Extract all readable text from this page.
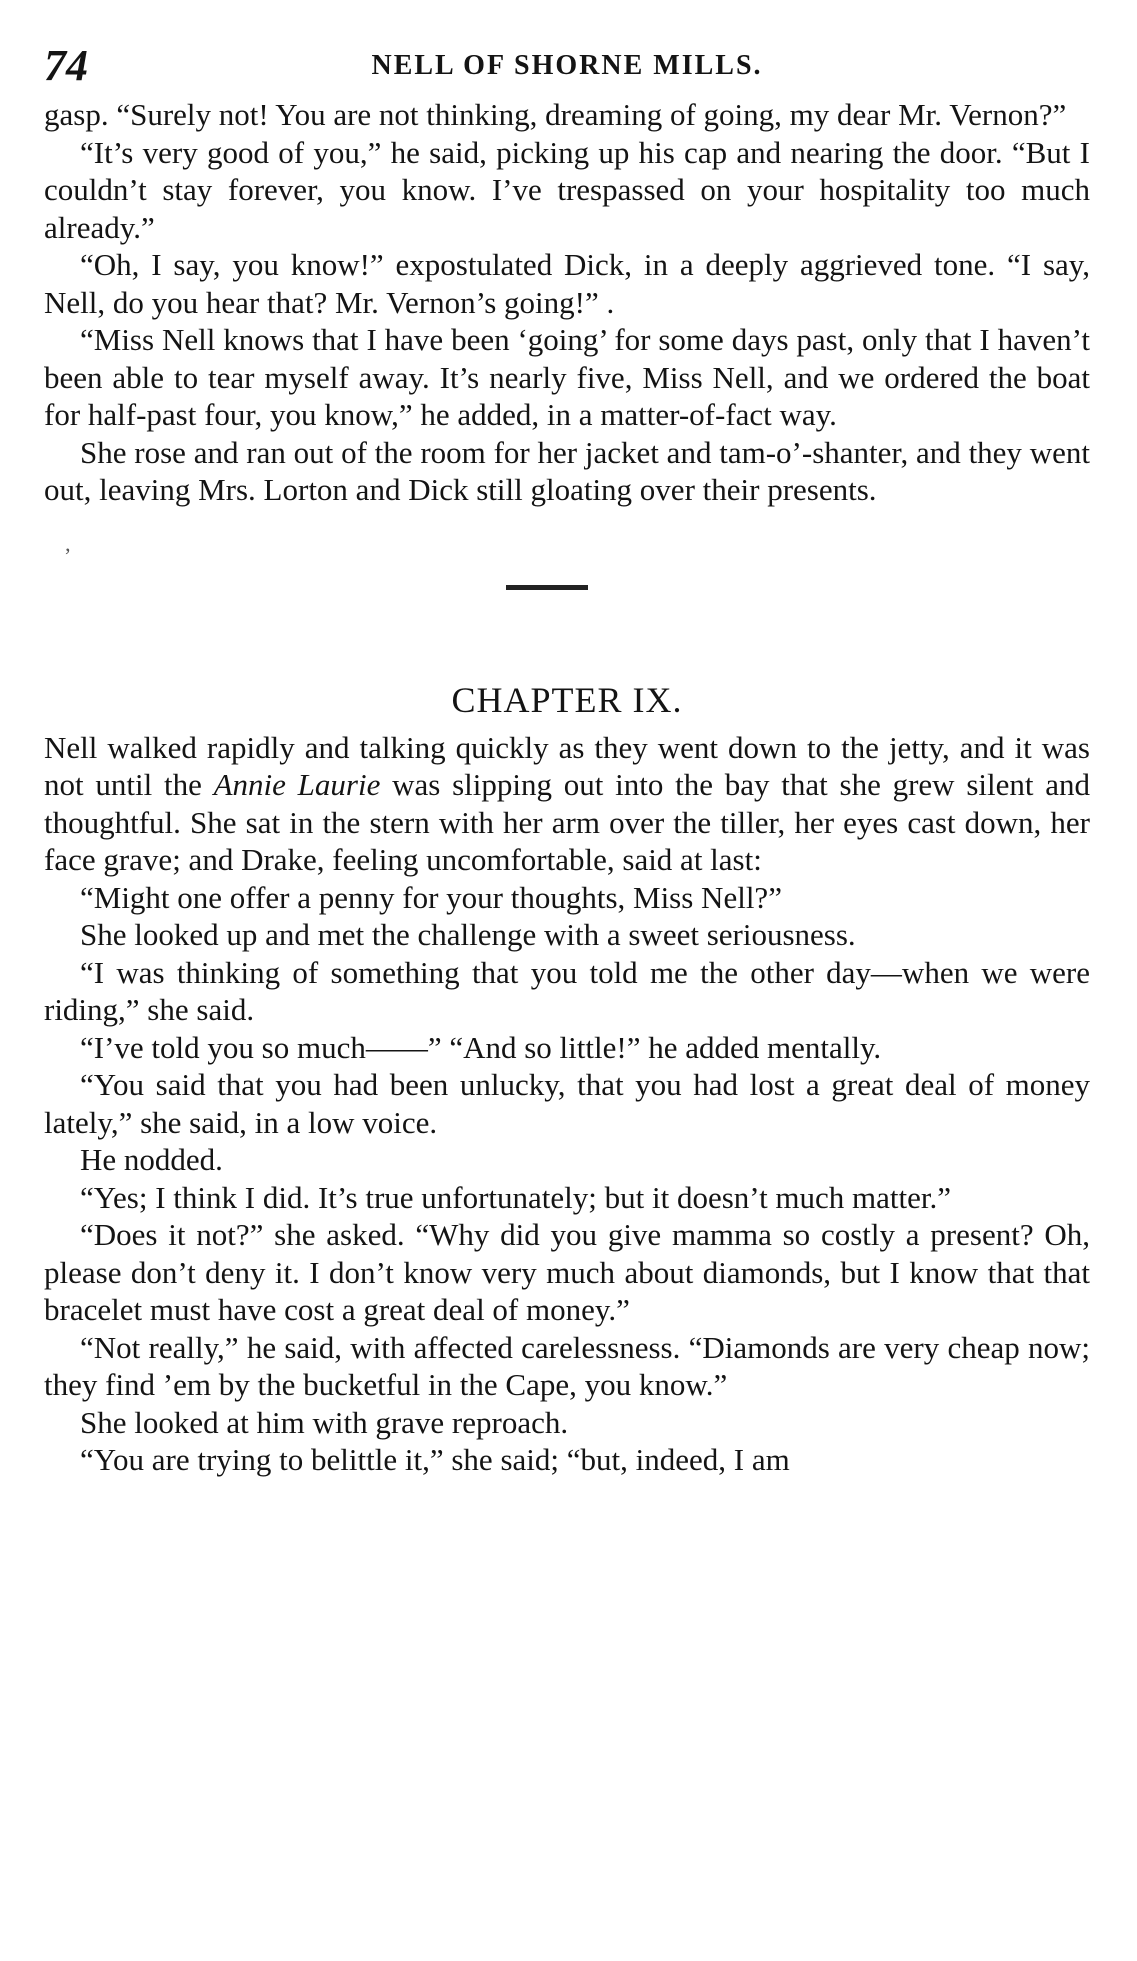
74	NELL OF SHORNE MILLS.

gasp. “Surely not! You are not thinking, dreaming of going, my dear Mr. Vernon?”

“It’s very good of you,” he said, picking up his cap and nearing the door. “But I couldn’t stay forever, you know. I’ve trespassed on your hospitality too much already.”

“Oh, I say, you know!” expostulated Dick, in a deeply aggrieved tone. “I say, Nell, do you hear that? Mr. Vernon’s going!” .

“Miss Nell knows that I have been ‘going’ for some days past, only that I haven’t been able to tear myself away. It’s nearly five, Miss Nell, and we ordered the boat for half-past four, you know,” he added, in a matter-of-fact way.

She rose and ran out of the room for her jacket and tam-o’-shanter, and they went out, leaving Mrs. Lorton and Dick still gloating over their presents.

‚
CHAPTER IX.

Nell walked rapidly and talking quickly as they went down to the jetty, and it was not until the Annie Laurie was slipping out into the bay that she grew silent and thoughtful. She sat in the stern with her arm over the tiller, her eyes cast down, her face grave; and Drake, feeling uncomfortable, said at last:

“Might one offer a penny for your thoughts, Miss Nell?”

She looked up and met the challenge with a sweet seriousness.

“I was thinking of something that you told me the other day—when we were riding,” she said.

“I’ve told you so much——” “And so little!” he added mentally.

“You said that you had been unlucky, that you had lost a great deal of money lately,” she said, in a low voice.

He nodded.

“Yes; I think I did. It’s true unfortunately; but it doesn’t much matter.”

“Does it not?” she asked. “Why did you give mamma so costly a present? Oh, please don’t deny it. I don’t know very much about diamonds, but I know that that bracelet must have cost a great deal of money.”

“Not really,” he said, with affected carelessness. “Diamonds are very cheap now; they find ’em by the bucketful in the Cape, you know.”

She looked at him with grave reproach.

“You are trying to belittle it,” she said; “but, indeed, I am
